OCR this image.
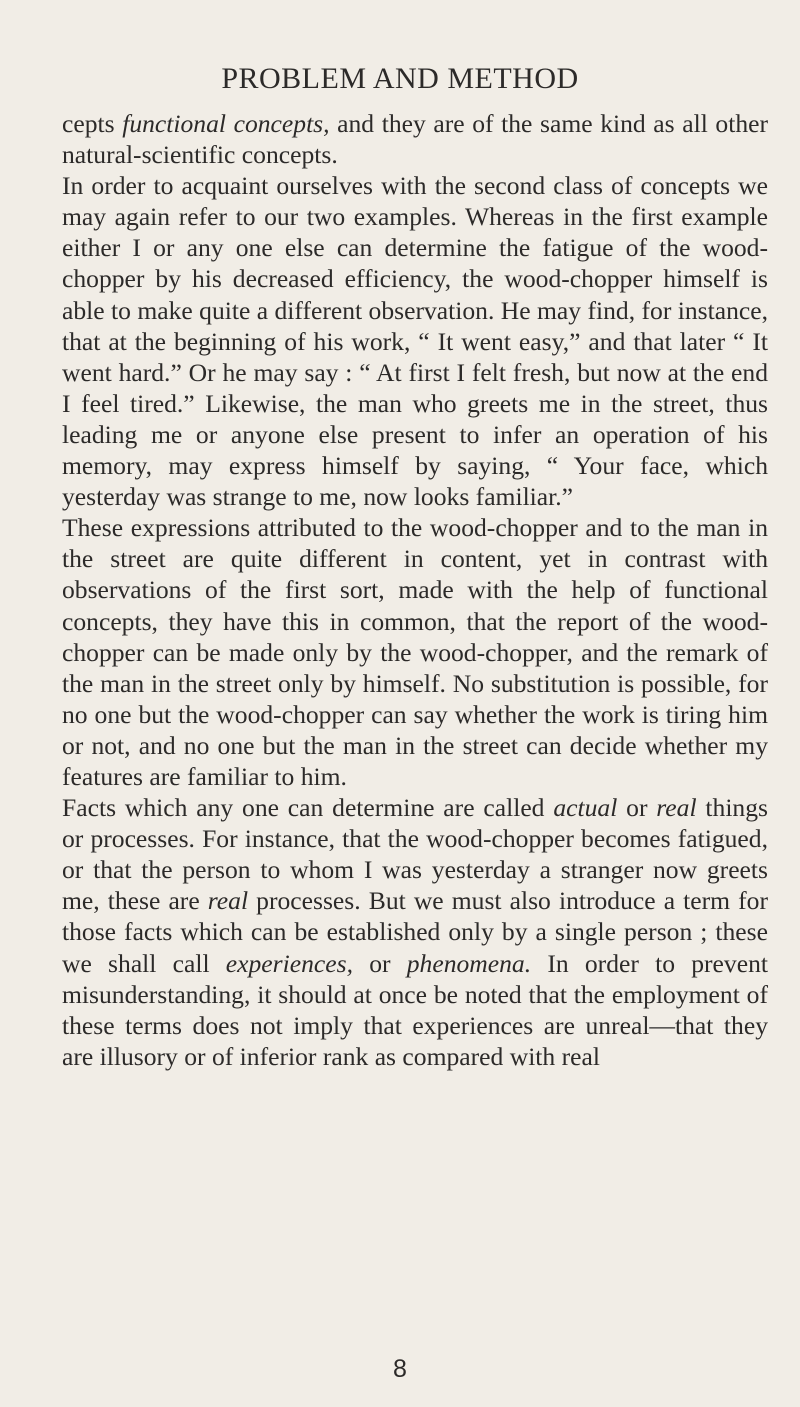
PROBLEM AND METHOD

cepts functional concepts, and they are of the same kind as all other natural-scientific concepts.

In order to acquaint ourselves with the second class of concepts we may again refer to our two examples. Whereas in the first example either I or any one else can determine the fatigue of the wood-chopper by his decreased efficiency, the wood-chopper himself is able to make quite a different observation. He may find, for instance, that at the beginning of his work, “ It went easy,” and that later “ It went hard.” Or he may say : “ At first I felt fresh, but now at the end I feel tired.” Likewise, the man who greets me in the street, thus leading me or anyone else present to infer an operation of his memory, may express himself by saying, “ Your face, which yesterday was strange to me, now looks familiar.”

These expressions attributed to the wood-chopper and to the man in the street are quite different in content, yet in contrast with observations of the first sort, made with the help of functional concepts, they have this in common, that the report of the wood-chopper can be made only by the wood-chopper, and the remark of the man in the street only by himself. No substitution is possible, for no one but the wood-chopper can say whether the work is tiring him or not, and no one but the man in the street can decide whether my features are familiar to him.

Facts which any one can determine are called actual or real things or processes. For instance, that the wood-chopper becomes fatigued, or that the person to whom I was yesterday a stranger now greets me, these are real processes. But we must also introduce a term for those facts which can be established only by a single person ; these we shall call experiences, or phenomena. In order to prevent misunderstanding, it should at once be noted that the employment of these terms does not imply that experiences are unreal—that they are illusory or of inferior rank as compared with real

8
